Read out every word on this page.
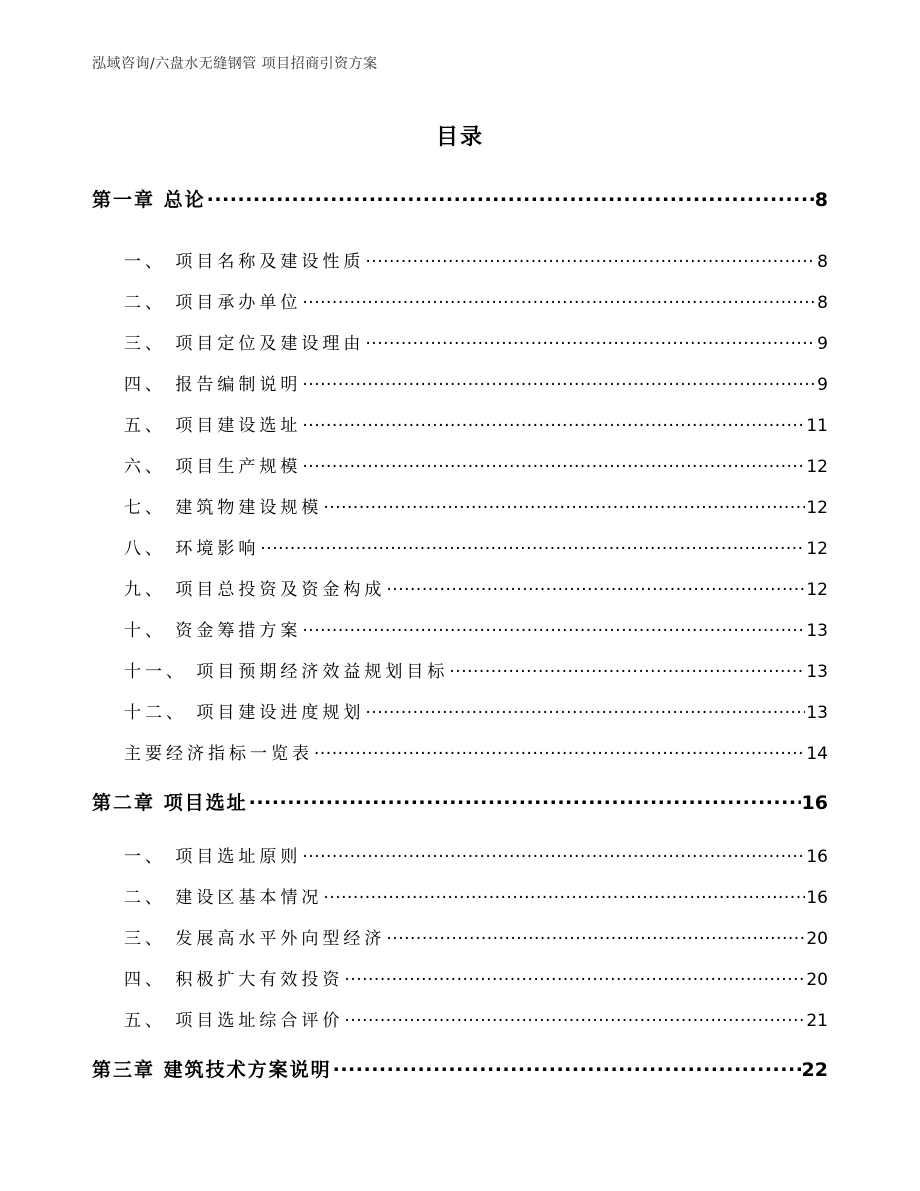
泓域咨询/六盘水无缝钢管 项目招商引资方案
目录
第一章 总论 .....	8
一、 项目名称及建设性质 .....	8
二、 项目承办单位 .....	8
三、 项目定位及建设理由 .....	9
四、 报告编制说明 .....	9
五、 项目建设选址 .....	11
六、 项目生产规模 .....	12
七、 建筑物建设规模 .....	12
八、 环境影响 .....	12
九、 项目总投资及资金构成 .....	12
十、 资金筹措方案 .....	13
十一、 项目预期经济效益规划目标 .....	13
十二、 项目建设进度规划 .....	13
主要经济指标一览表 .....	14
第二章 项目选址 .....	16
一、 项目选址原则 .....	16
二、 建设区基本情况 .....	16
三、 发展高水平外向型经济 .....	20
四、 积极扩大有效投资 .....	20
五、 项目选址综合评价 .....	21
第三章 建筑技术方案说明 .....	22
